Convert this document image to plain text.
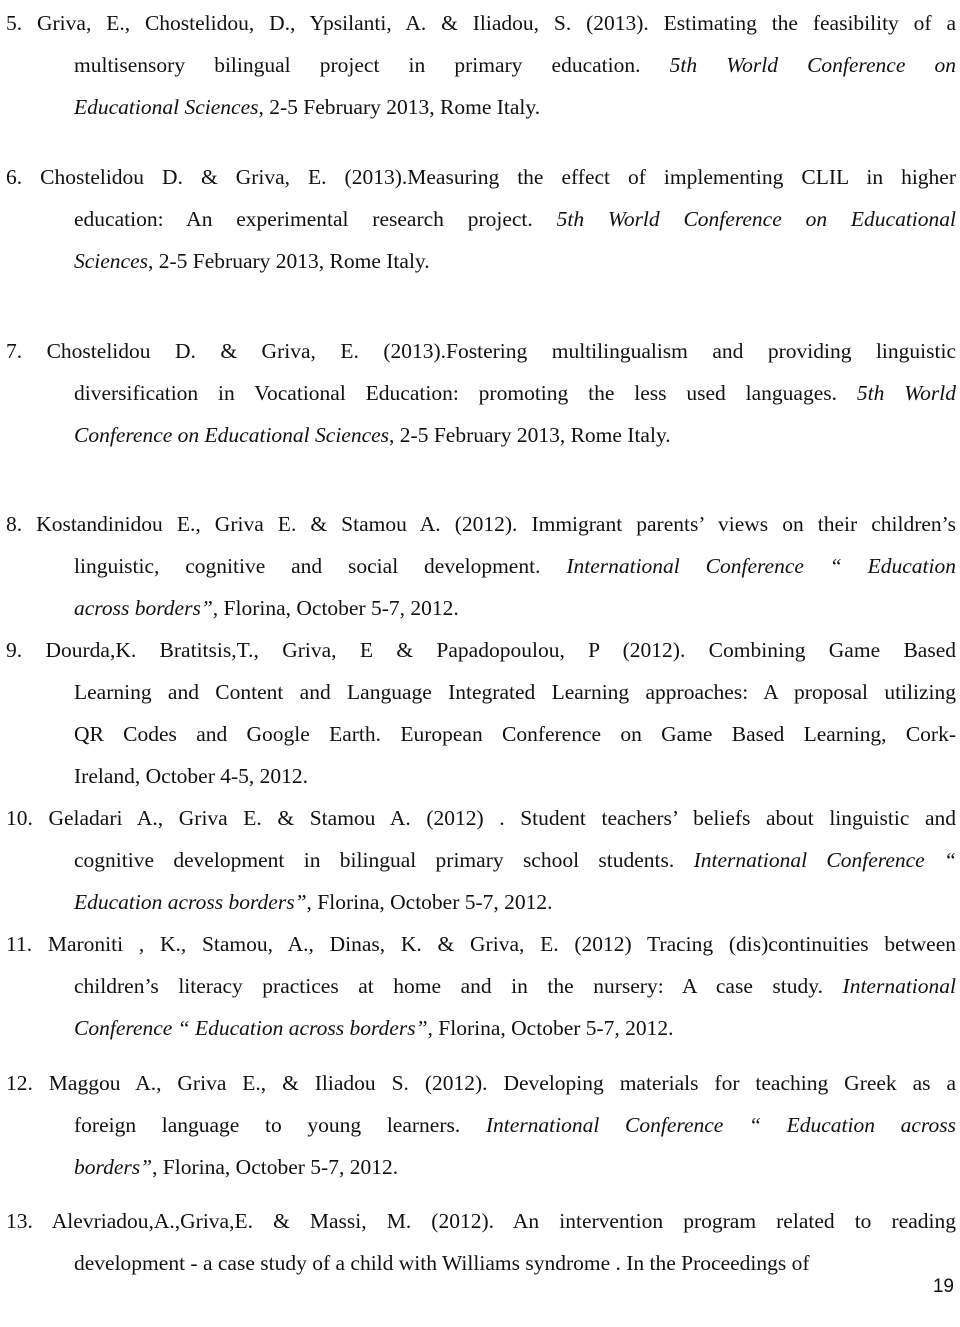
5. Griva, E., Chostelidou, D., Ypsilanti, A. & Iliadou, S. (2013). Estimating the feasibility of a
multisensory bilingual project in primary education. 5th World Conference on
Educational Sciences, 2-5 February 2013, Rome Italy.
6. Chostelidou D. & Griva, E. (2013).Measuring the effect of implementing CLIL in higher
education: An experimental research project. 5th World Conference on Educational
Sciences, 2-5 February 2013, Rome Italy.
7. Chostelidou D. & Griva, E. (2013).Fostering multilingualism and providing linguistic
diversification in Vocational Education: promoting the less used languages. 5th World
Conference on Educational Sciences, 2-5 February 2013, Rome Italy.
8. Kostandinidou E., Griva E. & Stamou A. (2012). Immigrant parents’ views on their children’s
linguistic, cognitive and social development. International Conference “ Education
across borders”, Florina, October 5-7, 2012.
9. Dourda,K. Bratitsis,T., Griva, E & Papadopoulou, P (2012). Combining Game Based
Learning and Content and Language Integrated Learning approaches: A proposal utilizing
QR Codes and Google Earth. European Conference on Game Based Learning, Cork-
Ireland, October 4-5, 2012.
10. Geladari A., Griva E. & Stamou A. (2012) . Student teachers’ beliefs about linguistic and
cognitive development in bilingual primary school students. International Conference “
Education across borders”, Florina, October 5-7, 2012.
11. Maroniti , K., Stamou, A., Dinas, K. & Griva, E. (2012) Tracing (dis)continuities between
children’s literacy practices at home and in the nursery: A case study. International
Conference “ Education across borders”, Florina, October 5-7, 2012.
12. Maggou A., Griva E., & Iliadou S. (2012). Developing materials for teaching Greek as a
foreign language to young learners. International Conference “ Education across
borders”, Florina, October 5-7, 2012.
13. Alevriadou,A.,Griva,E. & Massi, M. (2012). An intervention program related to reading
development - a case study of a child with Williams syndrome . In the Proceedings of
19
